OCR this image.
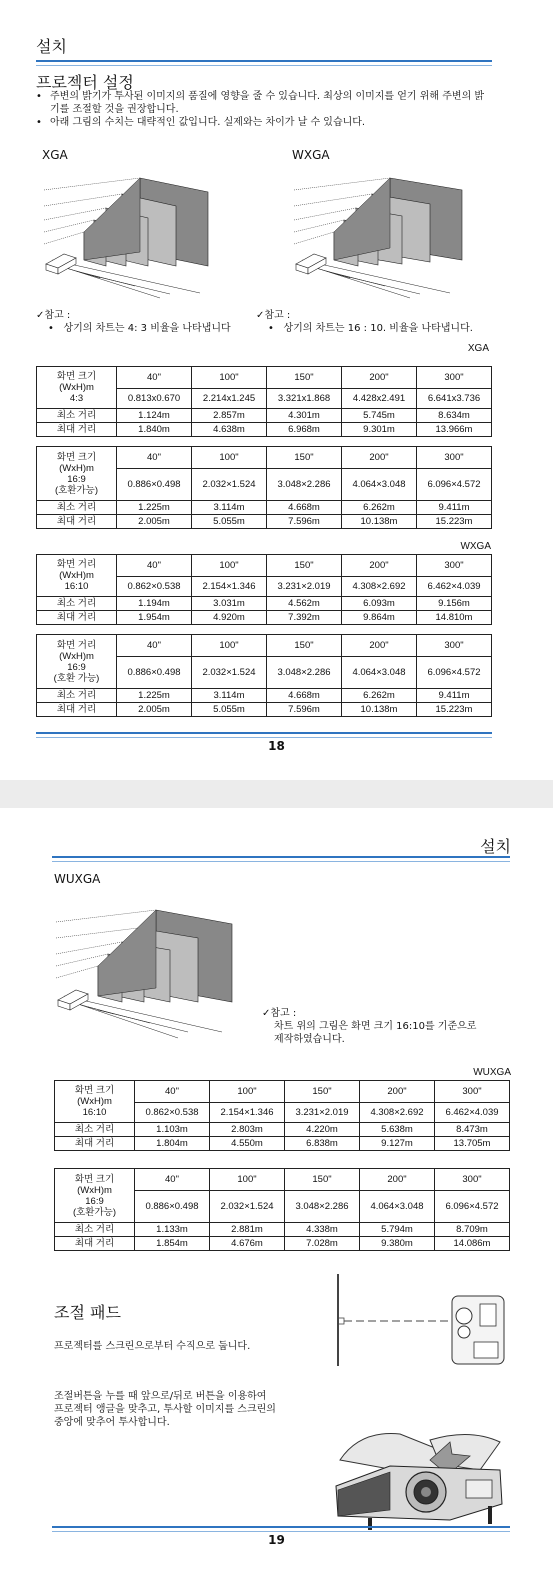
설치
프로젝터 설정
• 주변의 밝기가 투사된 이미지의 품질에 영향을 줄 수 있습니다. 최상의 이미지를 얻기 위해 주변의 밝기를 조절할 것을 권장합니다.
• 아래 그림의 수치는 대략적인 값입니다. 실제와는 차이가 날 수 있습니다.
XGA	WXGA
✓참고 :
•   상기의 차트는 4: 3 비율을 나타냅니다
✓참고 :
•   상기의 차트는 16 : 10. 비율을 나타냅니다.
XGA
화면 크기
(WxH)m
4:3	40"	100"	150"	200"	300"
	0.813x0.670	2.214x1.245	3.321x1.868	4.428x2.491	6.641x3.736
최소 거리	1.124m	2.857m	4.301m	5.745m	8.634m
최대 거리	1.840m	4.638m	6.968m	9.301m	13.966m
화면 크기
(WxH)m
16:9
(호환가능)	40"	100"	150"	200"	300"
	0.886×0.498	2.032×1.524	3.048×2.286	4.064×3.048	6.096×4.572
최소 거리	1.225m	3.114m	4.668m	6.262m	9.411m
최대 거리	2.005m	5.055m	7.596m	10.138m	15.223m
WXGA
화면 거리
(WxH)m
16:10	40"	100"	150"	200"	300"
	0.862×0.538	2.154×1.346	3.231×2.019	4.308×2.692	6.462×4.039
최소 거리	1.194m	3.031m	4.562m	6.093m	9.156m
최대 거리	1.954m	4.920m	7.392m	9.864m	14.810m
화면 거리
(WxH)m
16:9
(호환 가능)	40"	100"	150"	200"	300"
	0.886×0.498	2.032×1.524	3.048×2.286	4.064×3.048	6.096×4.572
최소 거리	1.225m	3.114m	4.668m	6.262m	9.411m
최대 거리	2.005m	5.055m	7.596m	10.138m	15.223m
18
설치
WUXGA
✓참고 :
차트 위의 그림은 화면 크기 16:10를 기준으로
제작하였습니다.
WUXGA
화면 크기
(WxH)m
16:10	40"	100"	150"	200"	300"
	0.862×0.538	2.154×1.346	3.231×2.019	4.308×2.692	6.462×4.039
최소 거리	1.103m	2.803m	4.220m	5.638m	8.473m
최대 거리	1.804m	4.550m	6.838m	9.127m	13.705m
화면 크기
(WxH)m
16:9
(호환가능)	40"	100"	150"	200"	300"
	0.886×0.498	2.032×1.524	3.048×2.286	4.064×3.048	6.096×4.572
최소 거리	1.133m	2.881m	4.338m	5.794m	8.709m
최대 거리	1.854m	4.676m	7.028m	9.380m	14.086m
조절 패드
프로젝터를 스크린으로부터 수직으로 둡니다.
조절버튼을 누를 때 앞으로/뒤로 버튼을 이용하여
프로젝터 앵글을 맞추고, 투사할 이미지를 스크린의
중앙에 맞추어 투사합니다.
19
